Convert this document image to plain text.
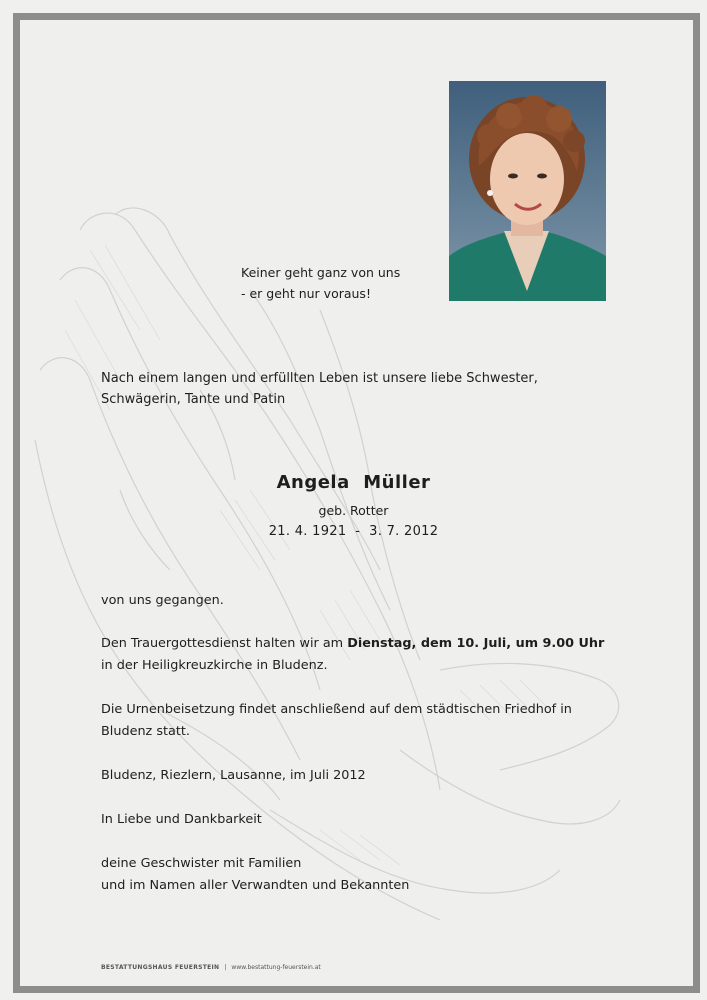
Keiner geht ganz von uns
- er geht nur voraus!
Nach einem langen und erfüllten Leben ist unsere liebe Schwester,
Schwägerin, Tante und Patin
Angela  Müller
geb. Rotter
21. 4. 1921  -  3. 7. 2012
von uns gegangen.
Den Trauergottesdienst halten wir am Dienstag, dem 10. Juli, um 9.00 Uhr
in der Heiligkreuzkirche in Bludenz.
Die Urnenbeisetzung findet anschließend auf dem städtischen Friedhof in
Bludenz statt.
Bludenz, Riezlern, Lausanne, im Juli 2012
In Liebe und Dankbarkeit
deine Geschwister mit Familien
und im Namen aller Verwandten und Bekannten
BESTATTUNGSHAUS FEUERSTEIN | www.bestattung-feuerstein.at
